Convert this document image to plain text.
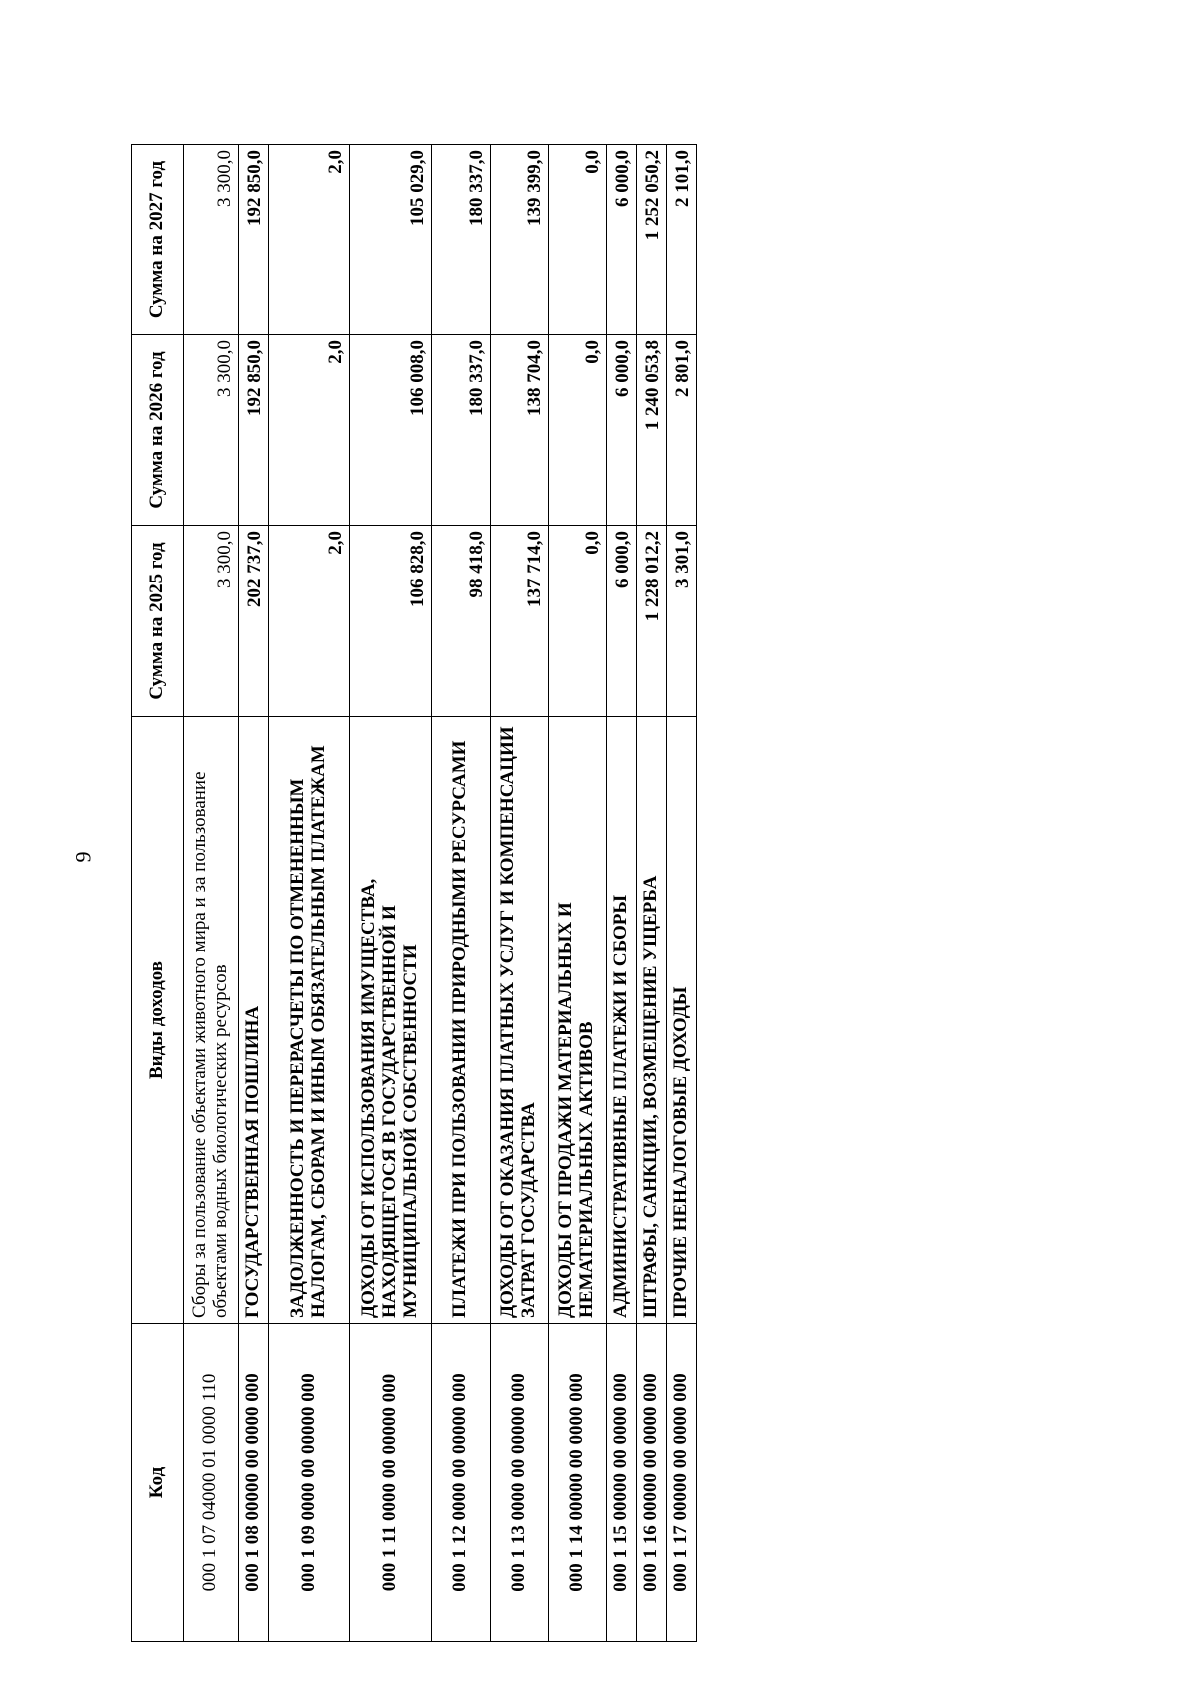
9
Код	Виды доходов	Сумма на 2025 год	Сумма на 2026 год	Сумма на 2027 год
000 1 07 04000 01 0000 110	Сборы за пользование объектами животного мира и за пользование объектами водных биологических ресурсов	3 300,0	3 300,0	3 300,0
000 1 08 00000 00 0000 000	ГОСУДАРСТВЕННАЯ ПОШЛИНА	202 737,0	192 850,0	192 850,0
000 1 09 0000 00 00000 000	ЗАДОЛЖЕННОСТЬ И ПЕРЕРАСЧЕТЫ ПО ОТМЕНЕННЫМ НАЛОГАМ, СБОРАМ И ИНЫМ ОБЯЗАТЕЛЬНЫМ ПЛАТЕЖАМ	2,0	2,0	2,0
000 1 11 0000 00 00000 000	ДОХОДЫ ОТ ИСПОЛЬЗОВАНИЯ ИМУЩЕСТВА, НАХОДЯЩЕГОСЯ В ГОСУДАРСТВЕННОЙ И МУНИЦИПАЛЬНОЙ СОБСТВЕННОСТИ	106 828,0	106 008,0	105 029,0
000 1 12 0000 00 00000 000	ПЛАТЕЖИ ПРИ ПОЛЬЗОВАНИИ ПРИРОДНЫМИ РЕСУРСАМИ	98 418,0	180 337,0	180 337,0
000 1 13 0000 00 00000 000	ДОХОДЫ ОТ ОКАЗАНИЯ ПЛАТНЫХ УСЛУГ И КОМПЕНСАЦИИ ЗАТРАТ ГОСУДАРСТВА	137 714,0	138 704,0	139 399,0
000 1 14 00000 00 0000 000	ДОХОДЫ ОТ ПРОДАЖИ МАТЕРИАЛЬНЫХ И НЕМАТЕРИАЛЬНЫХ АКТИВОВ	0,0	0,0	0,0
000 1 15 00000 00 0000 000	АДМИНИСТРАТИВНЫЕ ПЛАТЕЖИ И СБОРЫ	6 000,0	6 000,0	6 000,0
000 1 16 00000 00 0000 000	ШТРАФЫ, САНКЦИИ, ВОЗМЕЩЕНИЕ УЩЕРБА	1 228 012,2	1 240 053,8	1 252 050,2
000 1 17 00000 00 0000 000	ПРОЧИЕ НЕНАЛОГОВЫЕ ДОХОДЫ	3 301,0	2 801,0	2 101,0
